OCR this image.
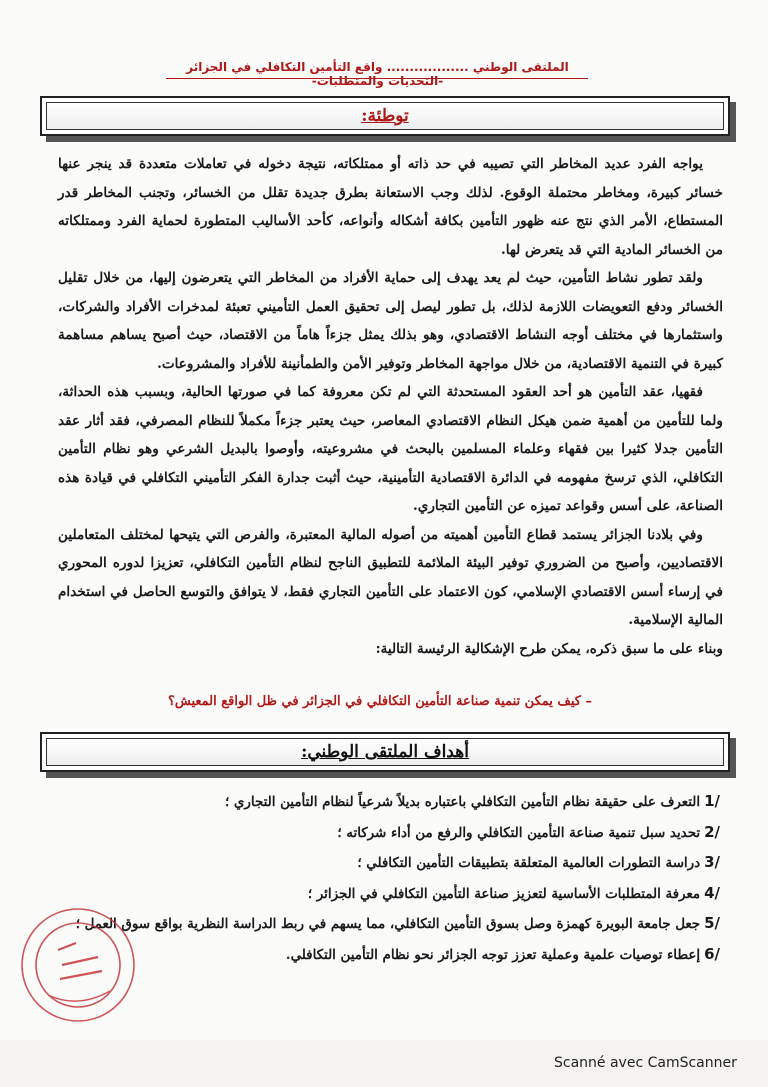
الملتقى الوطني .................. واقع التأمين التكافلي في الجزائر -التحديات والمتطلبات-
توطئة:

يواجه الفرد عديد المخاطر التي تصيبه في حد ذاته أو ممتلكاته، نتيجة دخوله في تعاملات متعددة قد ينجر عنها خسائر كبيرة، ومخاطر محتملة الوقوع. لذلك وجب الاستعانة بطرق جديدة تقلل من الخسائر، وتجنب المخاطر قدر المستطاع، الأمر الذي نتج عنه ظهور التأمين بكافة أشكاله وأنواعه، كأحد الأساليب المتطورة لحماية الفرد وممتلكاته من الخسائر المادية التي قد يتعرض لها.

ولقد تطور نشاط التأمين، حيث لم يعد يهدف إلى حماية الأفراد من المخاطر التي يتعرضون إليها، من خلال تقليل الخسائر ودفع التعويضات اللازمة لذلك، بل تطور ليصل إلى تحقيق العمل التأميني تعبئة لمدخرات الأفراد والشركات، واستثمارها في مختلف أوجه النشاط الاقتصادي، وهو بذلك يمثل جزءاً هاماً من الاقتصاد، حيث أصبح يساهم مساهمة كبيرة في التنمية الاقتصادية، من خلال مواجهة المخاطر وتوفير الأمن والطمأنينة للأفراد والمشروعات.

فقهيا، عقد التأمين هو أحد العقود المستحدثة التي لم تكن معروفة كما في صورتها الحالية، وبسبب هذه الحداثة، ولما للتأمين من أهمية ضمن هيكل النظام الاقتصادي المعاصر، حيث يعتبر جزءاً مكملاً للنظام المصرفي، فقد أثار عقد التأمين جدلا كثيرا بين فقهاء وعلماء المسلمين بالبحث في مشروعيته، وأوصوا بالبديل الشرعي وهو نظام التأمين التكافلي، الذي ترسخ مفهومه في الدائرة الاقتصادية التأمينية، حيث أثبت جدارة الفكر التأميني التكافلي في قيادة هذه الصناعة، على أسس وقواعد تميزه عن التأمين التجاري.

وفي بلادنا الجزائر يستمد قطاع التأمين أهميته من أصوله المالية المعتبرة، والفرص التي يتيحها لمختلف المتعاملين الاقتصاديين، وأصبح من الضروري توفير البيئة الملائمة للتطبيق الناجح لنظام التأمين التكافلي، تعزيزا لدوره المحوري في إرساء أسس الاقتصادي الإسلامي، كون الاعتماد على التأمين التجاري فقط، لا يتوافق والتوسع الحاصل في استخدام المالية الإسلامية.

وبناء على ما سبق ذكره، يمكن طرح الإشكالية الرئيسة التالية:

– كيف يمكن تنمية صناعة التأمين التكافلي في الجزائر في ظل الواقع المعيش؟
أهداف الملتقى الوطني:
/1التعرف على حقيقة نظام التأمين التكافلي باعتباره بديلاً شرعياً لنظام التأمين التجاري ؛
/2تحديد سبل تنمية صناعة التأمين التكافلي والرفع من أداء شركاته ؛
/3دراسة التطورات العالمية المتعلقة بتطبيقات التأمين التكافلي ؛
/4معرفة المتطلبات الأساسية لتعزيز صناعة التأمين التكافلي في الجزائر ؛
/5جعل جامعة البويرة كهمزة وصل بسوق التأمين التكافلي، مما يسهم في ربط الدراسة النظرية بواقع سوق العمل ؛
/6إعطاء توصيات علمية وعملية تعزز توجه الجزائر نحو نظام التأمين التكافلي.
✱
Scanné avec CamScanner
